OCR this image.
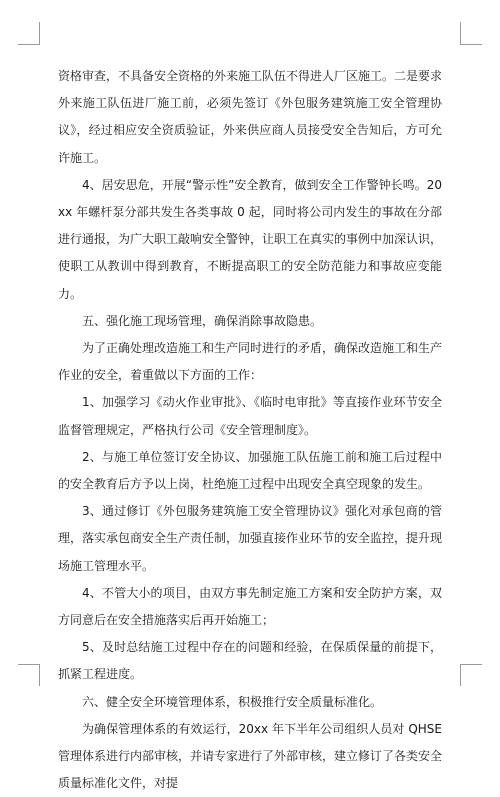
资格审查，不具备安全资格的外来施工队伍不得进人厂区施工。二是要求外来施工队伍进厂施工前，必须先签订《外包服务建筑施工安全管理协议》，经过相应安全资质验证，外来供应商人员接受安全告知后，方可允许施工。

4、居安思危，开展“警示性”安全教育，做到安全工作警钟长鸣。20xx 年螺杆泵分部共发生各类事故 0 起，同时将公司内发生的事故在分部进行通报，为广大职工敲响安全警钟，让职工在真实的事例中加深认识，使职工从教训中得到教育，不断提高职工的安全防范能力和事故应变能力。

五、强化施工现场管理，确保消除事故隐患。

为了正确处理改造施工和生产同时进行的矛盾，确保改造施工和生产作业的安全，着重做以下方面的工作：

1、加强学习《动火作业审批》、《临时电审批》等直接作业环节安全监督管理规定，严格执行公司《安全管理制度》。

2、与施工单位签订安全协议、加强施工队伍施工前和施工后过程中的安全教育后方予以上岗，杜绝施工过程中出现安全真空现象的发生。

3、通过修订《外包服务建筑施工安全管理协议》强化对承包商的管理，落实承包商安全生产责任制，加强直接作业环节的安全监控，提升现场施工管理水平。

4、不管大小的项目，由双方事先制定施工方案和安全防护方案，双方同意后在安全措施落实后再开始施工；

5、及时总结施工过程中存在的问题和经验，在保质保量的前提下，抓紧工程进度。

六、健全安全环境管理体系，积极推行安全质量标准化。

为确保管理体系的有效运行，20xx 年下半年公司组织人员对 QHSE 管理体系进行内部审核，并请专家进行了外部审核，建立修订了各类安全质量标准化文件，对提
